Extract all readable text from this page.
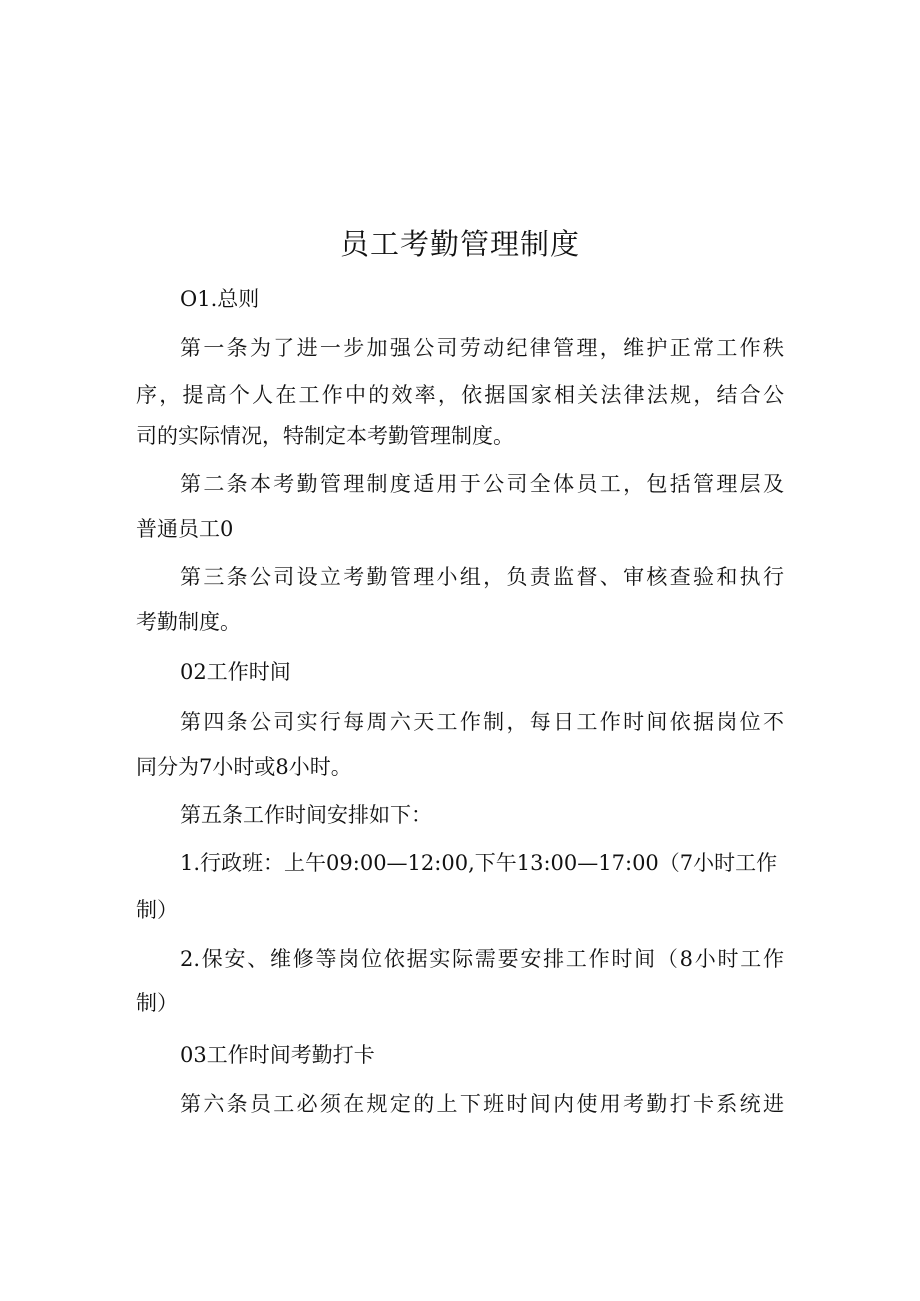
员工考勤管理制度

O1.总则

第一条为了进一步加强公司劳动纪律管理，维护正常工作秩

序，提高个人在工作中的效率，依据国家相关法律法规，结合公

司的实际情况，特制定本考勤管理制度。

第二条本考勤管理制度适用于公司全体员工，包括管理层及

普通员工0

第三条公司设立考勤管理小组，负责监督、审核查验和执行

考勤制度。

02工作时间

第四条公司实行每周六天工作制，每日工作时间依据岗位不

同分为7小时或8小时。

第五条工作时间安排如下：

1.行政班：上午09:00—12:00,下午13:00—17:00（7小时工作

制）

2.保安、维修等岗位依据实际需要安排工作时间（8小时工作

制）

03工作时间考勤打卡

第六条员工必须在规定的上下班时间内使用考勤打卡系统进
